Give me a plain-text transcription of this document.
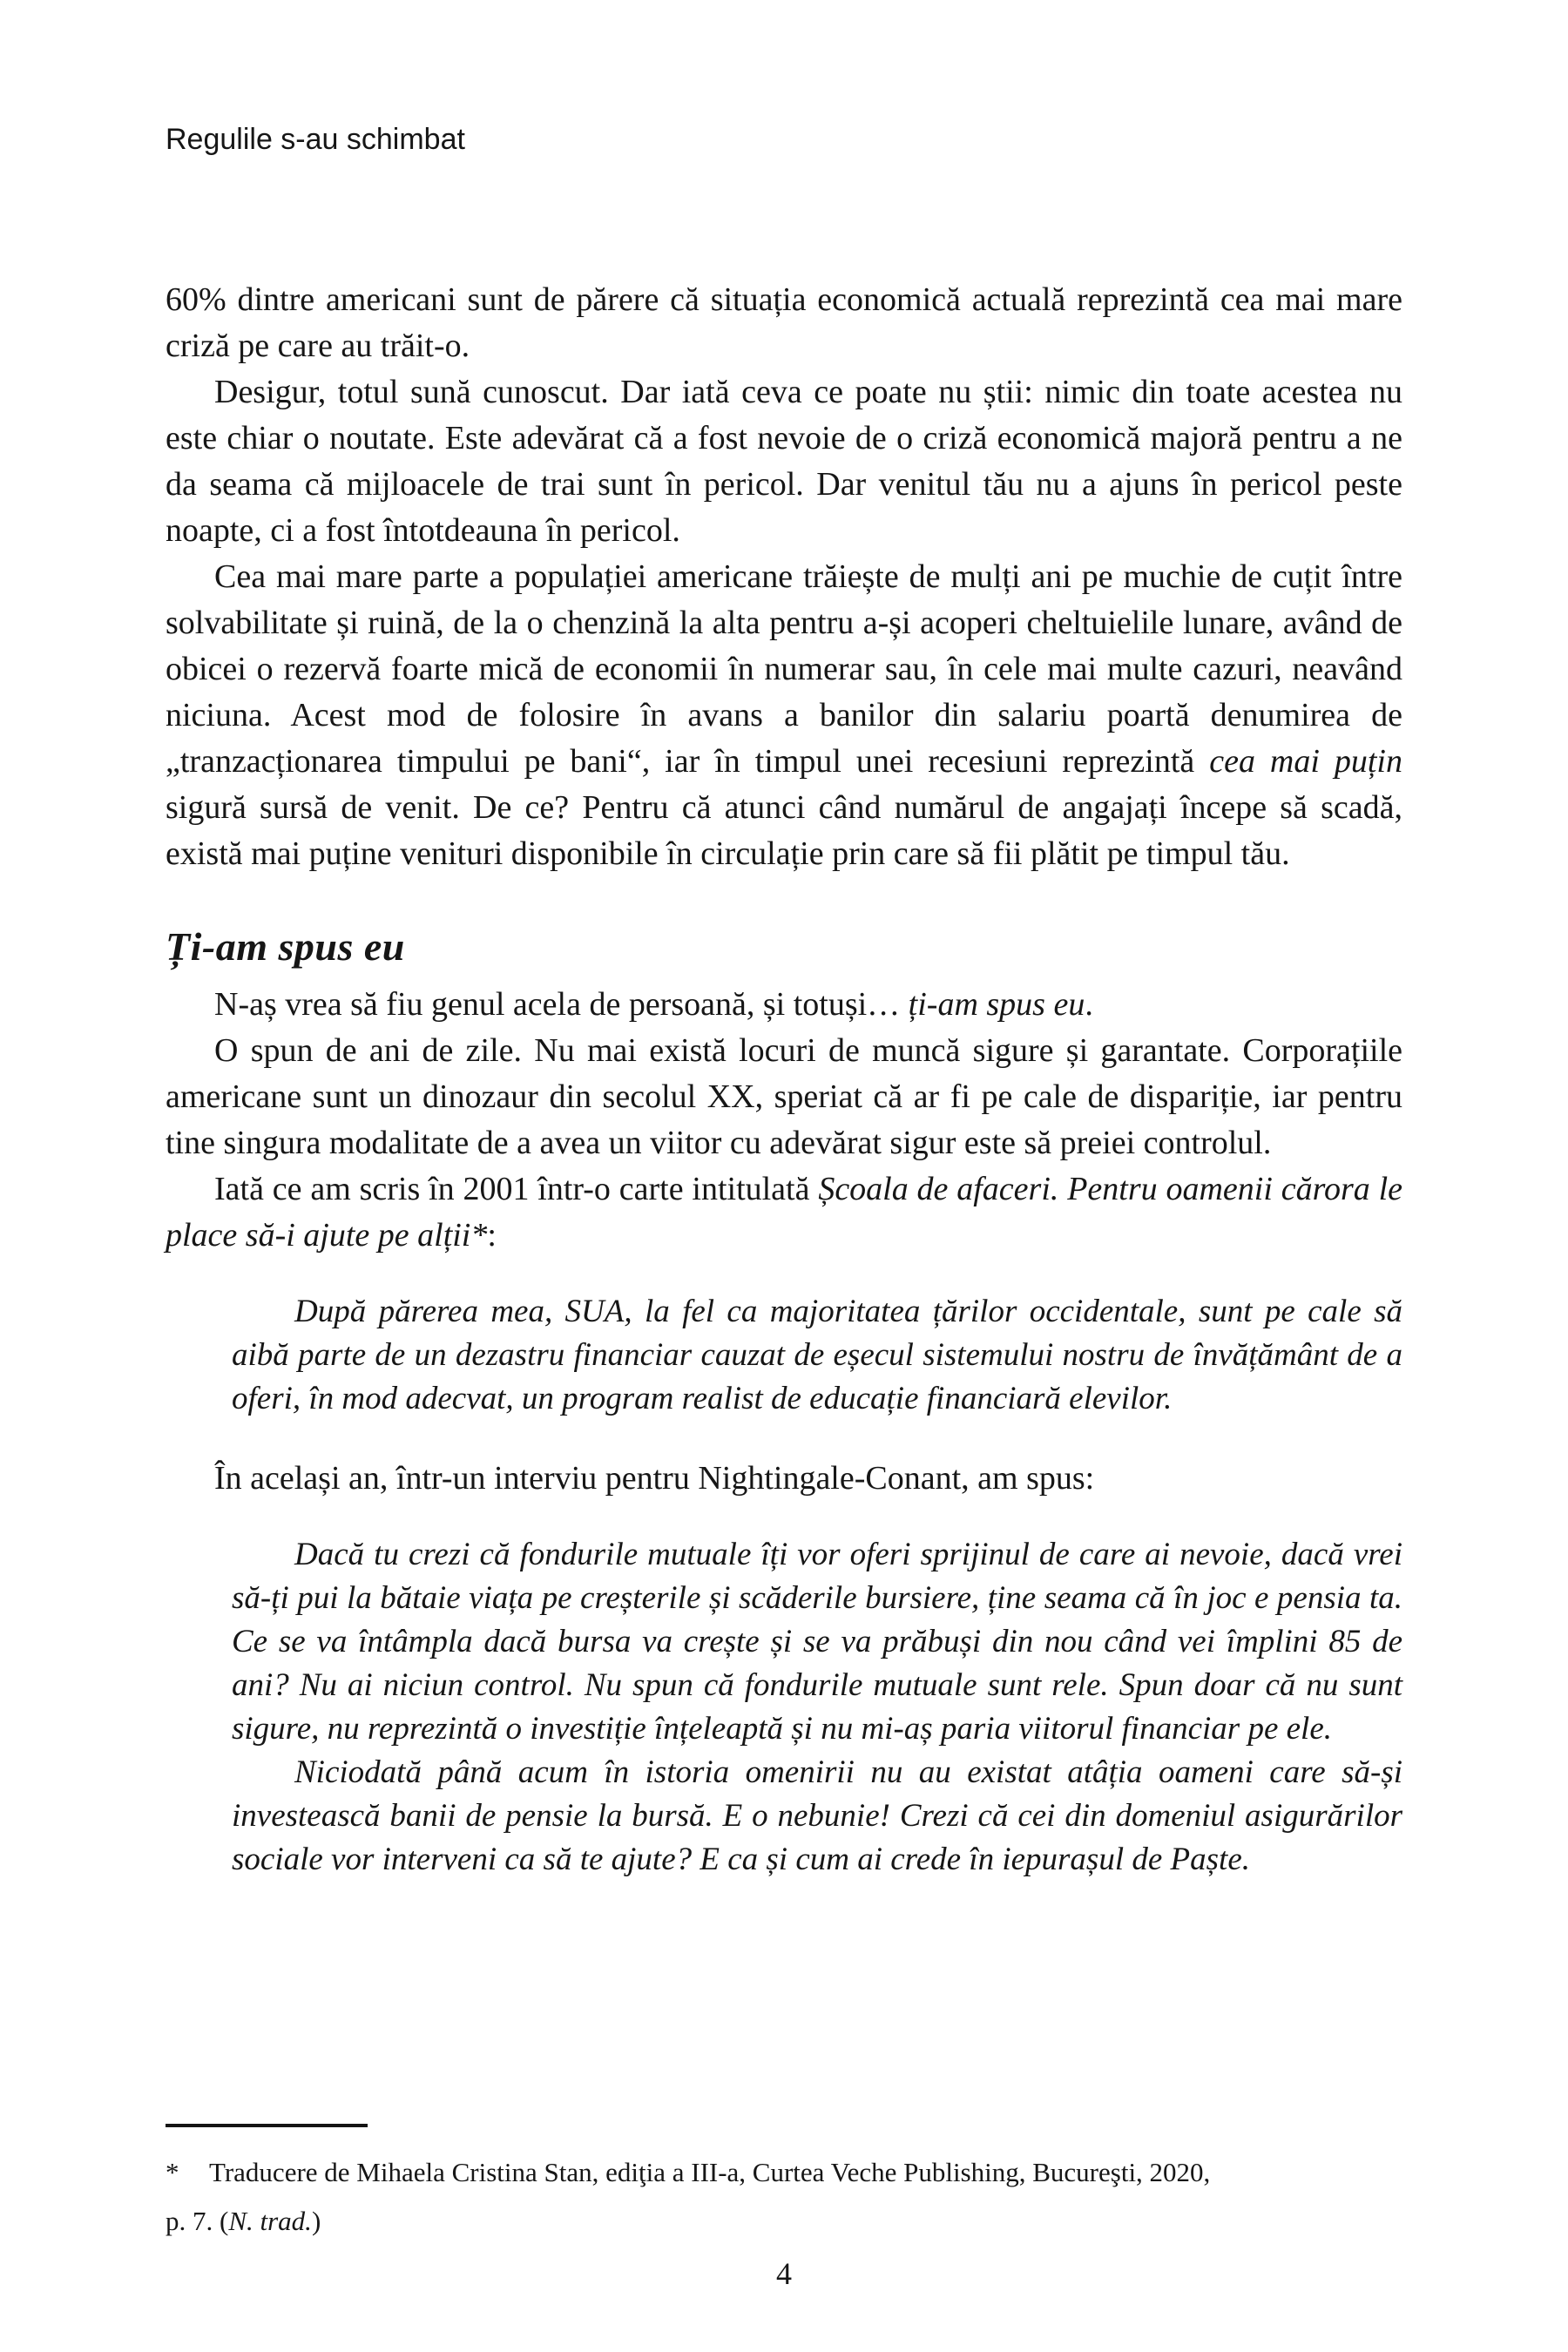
Regulile s-au schimbat

60% dintre americani sunt de părere că situația economică actuală reprezintă cea mai mare criză pe care au trăit-o.

Desigur, totul sună cunoscut. Dar iată ceva ce poate nu știi: nimic din toate acestea nu este chiar o noutate. Este adevărat că a fost nevoie de o criză economică majoră pentru a ne da seama că mijloacele de trai sunt în pericol. Dar venitul tău nu a ajuns în pericol peste noapte, ci a fost întotdeauna în pericol.

Cea mai mare parte a populației americane trăiește de mulți ani pe muchie de cuțit între solvabilitate și ruină, de la o chenzină la alta pentru a-și acoperi cheltuielile lunare, având de obicei o rezervă foarte mică de economii în numerar sau, în cele mai multe cazuri, neavând niciuna. Acest mod de folosire în avans a banilor din salariu poartă denumirea de „tranzacționarea timpului pe bani“, iar în timpul unei recesiuni reprezintă cea mai puțin sigură sursă de venit. De ce? Pentru că atunci când numărul de angajați începe să scadă, există mai puține venituri disponibile în circulație prin care să fii plătit pe timpul tău.

Ți-am spus eu

N-aș vrea să fiu genul acela de persoană, și totuși… ți-am spus eu.

O spun de ani de zile. Nu mai există locuri de muncă sigure și garantate. Corporațiile americane sunt un dinozaur din secolul XX, speriat că ar fi pe cale de dispariție, iar pentru tine singura modalitate de a avea un viitor cu adevărat sigur este să preiei controlul.

Iată ce am scris în 2001 într-o carte intitulată Școala de afaceri. Pentru oamenii cărora le place să-i ajute pe alții*:

După părerea mea, SUA, la fel ca majoritatea țărilor occidentale, sunt pe cale să aibă parte de un dezastru financiar cauzat de eșecul sistemului nostru de învățământ de a oferi, în mod adecvat, un program realist de educație financiară elevilor.

În același an, într-un interviu pentru Nightingale-Conant, am spus:

Dacă tu crezi că fondurile mutuale îți vor oferi sprijinul de care ai nevoie, dacă vrei să-ți pui la bătaie viața pe creșterile și scăderile bursiere, ține seama că în joc e pensia ta. Ce se va întâmpla dacă bursa va crește și se va prăbuși din nou când vei împlini 85 de ani? Nu ai niciun control. Nu spun că fondurile mutuale sunt rele. Spun doar că nu sunt sigure, nu reprezintă o investiție înțeleaptă și nu mi-aș paria viitorul financiar pe ele.

Niciodată până acum în istoria omenirii nu au existat atâția oameni care să-și investească banii de pensie la bursă. E o nebunie! Crezi că cei din domeniul asigurărilor sociale vor interveni ca să te ajute? E ca și cum ai crede în iepurașul de Paște.

* Traducere de Mihaela Cristina Stan, ediţia a III-a, Curtea Veche Publishing, Bucureşti, 2020,

p. 7. (N. trad.)

4
